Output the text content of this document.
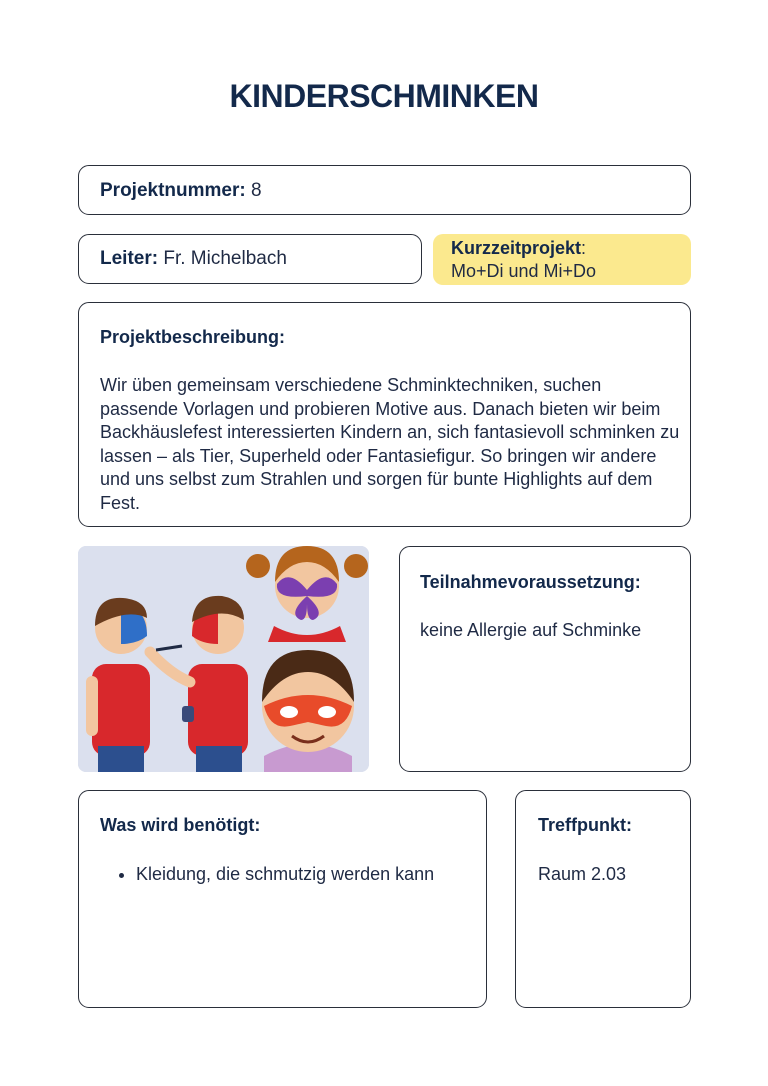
KINDERSCHMINKEN
Projektnummer: 8
Leiter: Fr. Michelbach	Kurzzeitprojekt:
Mo+Di und Mi+Do
Projektbeschreibung:
Wir üben gemeinsam verschiedene Schminktechniken, suchen passende Vorlagen und probieren Motive aus. Danach bieten wir beim Backhäuslefest interessierten Kindern an, sich fantasievoll schminken zu lassen – als Tier, Superheld oder Fantasiefigur. So bringen wir andere und uns selbst zum Strahlen und sorgen für bunte Highlights auf dem Fest.
Teilnahmevoraussetzung:
keine Allergie auf Schminke
Was wird benötigt:
• Kleidung, die schmutzig werden kann
Treffpunkt:
Raum 2.03
